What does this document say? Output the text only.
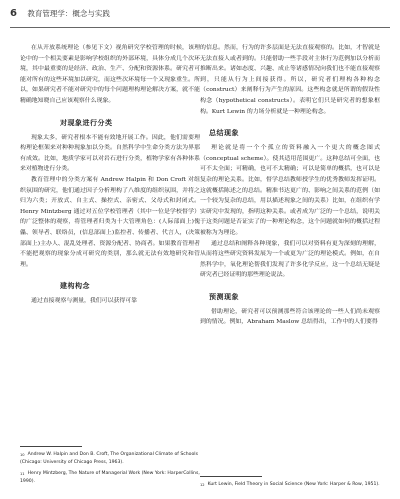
6 教育管理学：概念与实践

在从开放系统理论（参见下文）视角研究学校管理的时候，该理论中的一个相关要素是影响学校组织的外部环境，具体分成几个次环境，其中最重要的是经济、政治、生产、分配和资源体系。研究者可能对所有的这些环境加以研究，而这些次环境每一个又现象重生。所以，如果研究者不能对研究中的每个问题理构理论解决方案，就不能精确地知晓自己应该观察什么现象。

对现象进行分类

现象太多，研究者根本不能有效地开展工作。因此，他们需要理构理论框架来对种种现象加以分类。自然科学中生命分类方法为界那有成效。比如，地质学家可以对岩石进行分类，植物学家有各种体系来对植物进行分类。

教育管理中的分类方案有 Andrew Halpin 和 Don Croft 对组织氛围的研究，他们通过因子分析理构了八维度的组织氛围，并将之归为六类；开放式、自主式、操控式、亲密式、父母式和封闭式。Henry Mintzberg 通过对五位学校管理者（其中一位是学校督学）的广泛整体的观察，将管理者归类为十大管理角色：(人际部面上)傀儡、领导者、联络员，(信息部面上)监控者、传播者、代言人，(决策部面上)主办人、混乱处理者、资源分配者、协商者。如果教育管理者不能把观察的现象分成可研究的类别，那么就无法有效地研究和管理。

建构构念

通过直接观察与测量，我们可以获得可靠

$^{10}$ Andrew W. Halpin and Don B. Croft, The Organizational Climate of Schools (Chicago: University of Chicago Press, 1963).
$^{11}$ Henry Mintzberg, The Nature of Managerial Work (New York: HarperCollins, 1990).

的信息。然而，行为的许多层面是无法直接观察的。比如，才智就是无法直接人或者到的。只能借助一些手段对主体行为范例加以分析而推断出来。诸如态度、兴趣、成止等诸感情况向我们也不能直接观察到，只能从行为上间接获得。所以，研究者们理构各种构念（construct）来阐释行为产生的原因。这些构念就是所谓的假设性构念（hypothetical constructs）。表明它们只是研究者的想象框构。Kurt Lewin 的力场分析就是一种理论构念。

总结现象

理论就是将一个个孤立的资料融入一个更大的概念图式（conceptual scheme）。使其适用范围更广。这种总结可全面，也可不太全面；可精确，也可不太精确；可以是简单的概括，也可以是复杂的理论关系。比如，督学总结教师授学生的优秀教师发挥证明。这就概括陈述之的总结。精准书达更广的、影响之间关系的范例（如一个较为复杂的总结，用以描述现象之间的关系）比如，在组织有学实研究中发现的，指明这种关系。或者成为广泛的一个总结，说明关于这类问题是否证实了的一种理论构念，这个问题就如何的概括过程被称为为理论。

通过总结和阐释各种现象，我们可以对资料有更为深刻的理解，从而将这些研究资料发展为一个或更为广泛的理论模式。例如，在自然科学中，氧化理论帮我们发现了许多化学反应，这一个总结无疑是研究者已经证明的那些理论说法。

预测现象

借助理论，研究者可以预测那些符合该理论的一些人们尚未观察到的情况。例如，Abraham Maslow 总结得出，工作中的人们要得

$^{12}$ Kurt Lewin, Field Theory in Social Science (New York: Harper & Row, 1951).
